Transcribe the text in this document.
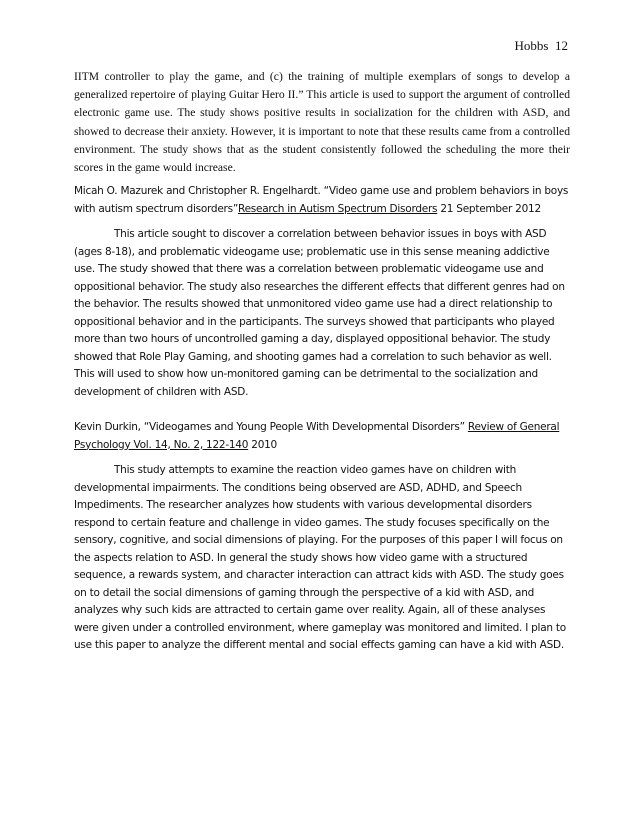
Hobbs 12

IITM controller to play the game, and (c) the training of multiple exemplars of songs to develop a generalized repertoire of playing Guitar Hero II.” This article is used to support the argument of controlled electronic game use. The study shows positive results in socialization for the children with ASD, and showed to decrease their anxiety. However, it is important to note that these results came from a controlled environment. The study shows that as the student consistently followed the scheduling the more their scores in the game would increase.

Micah O. Mazurek and Christopher R. Engelhardt. “Video game use and problem behaviors in boys with autism spectrum disorders”Research in Autism Spectrum Disorders 21 September 2012

This article sought to discover a correlation between behavior issues in boys with ASD (ages 8-18), and problematic videogame use; problematic use in this sense meaning addictive use. The study showed that there was a correlation between problematic videogame use and oppositional behavior. The study also researches the different effects that different genres had on the behavior. The results showed that unmonitored video game use had a direct relationship to oppositional behavior and in the participants. The surveys showed that participants who played more than two hours of uncontrolled gaming a day, displayed oppositional behavior. The study showed that Role Play Gaming, and shooting games had a correlation to such behavior as well. This will used to show how un-monitored gaming can be detrimental to the socialization and development of children with ASD.

Kevin Durkin, “Videogames and Young People With Developmental Disorders” Review of General Psychology Vol. 14, No. 2, 122-140 2010

This study attempts to examine the reaction video games have on children with developmental impairments. The conditions being observed are ASD, ADHD, and Speech Impediments. The researcher analyzes how students with various developmental disorders respond to certain feature and challenge in video games. The study focuses specifically on the sensory, cognitive, and social dimensions of playing. For the purposes of this paper I will focus on the aspects relation to ASD. In general the study shows how video game with a structured sequence, a rewards system, and character interaction can attract kids with ASD. The study goes on to detail the social dimensions of gaming through the perspective of a kid with ASD, and analyzes why such kids are attracted to certain game over reality. Again, all of these analyses were given under a controlled environment, where gameplay was monitored and limited. I plan to use this paper to analyze the different mental and social effects gaming can have a kid with ASD.
